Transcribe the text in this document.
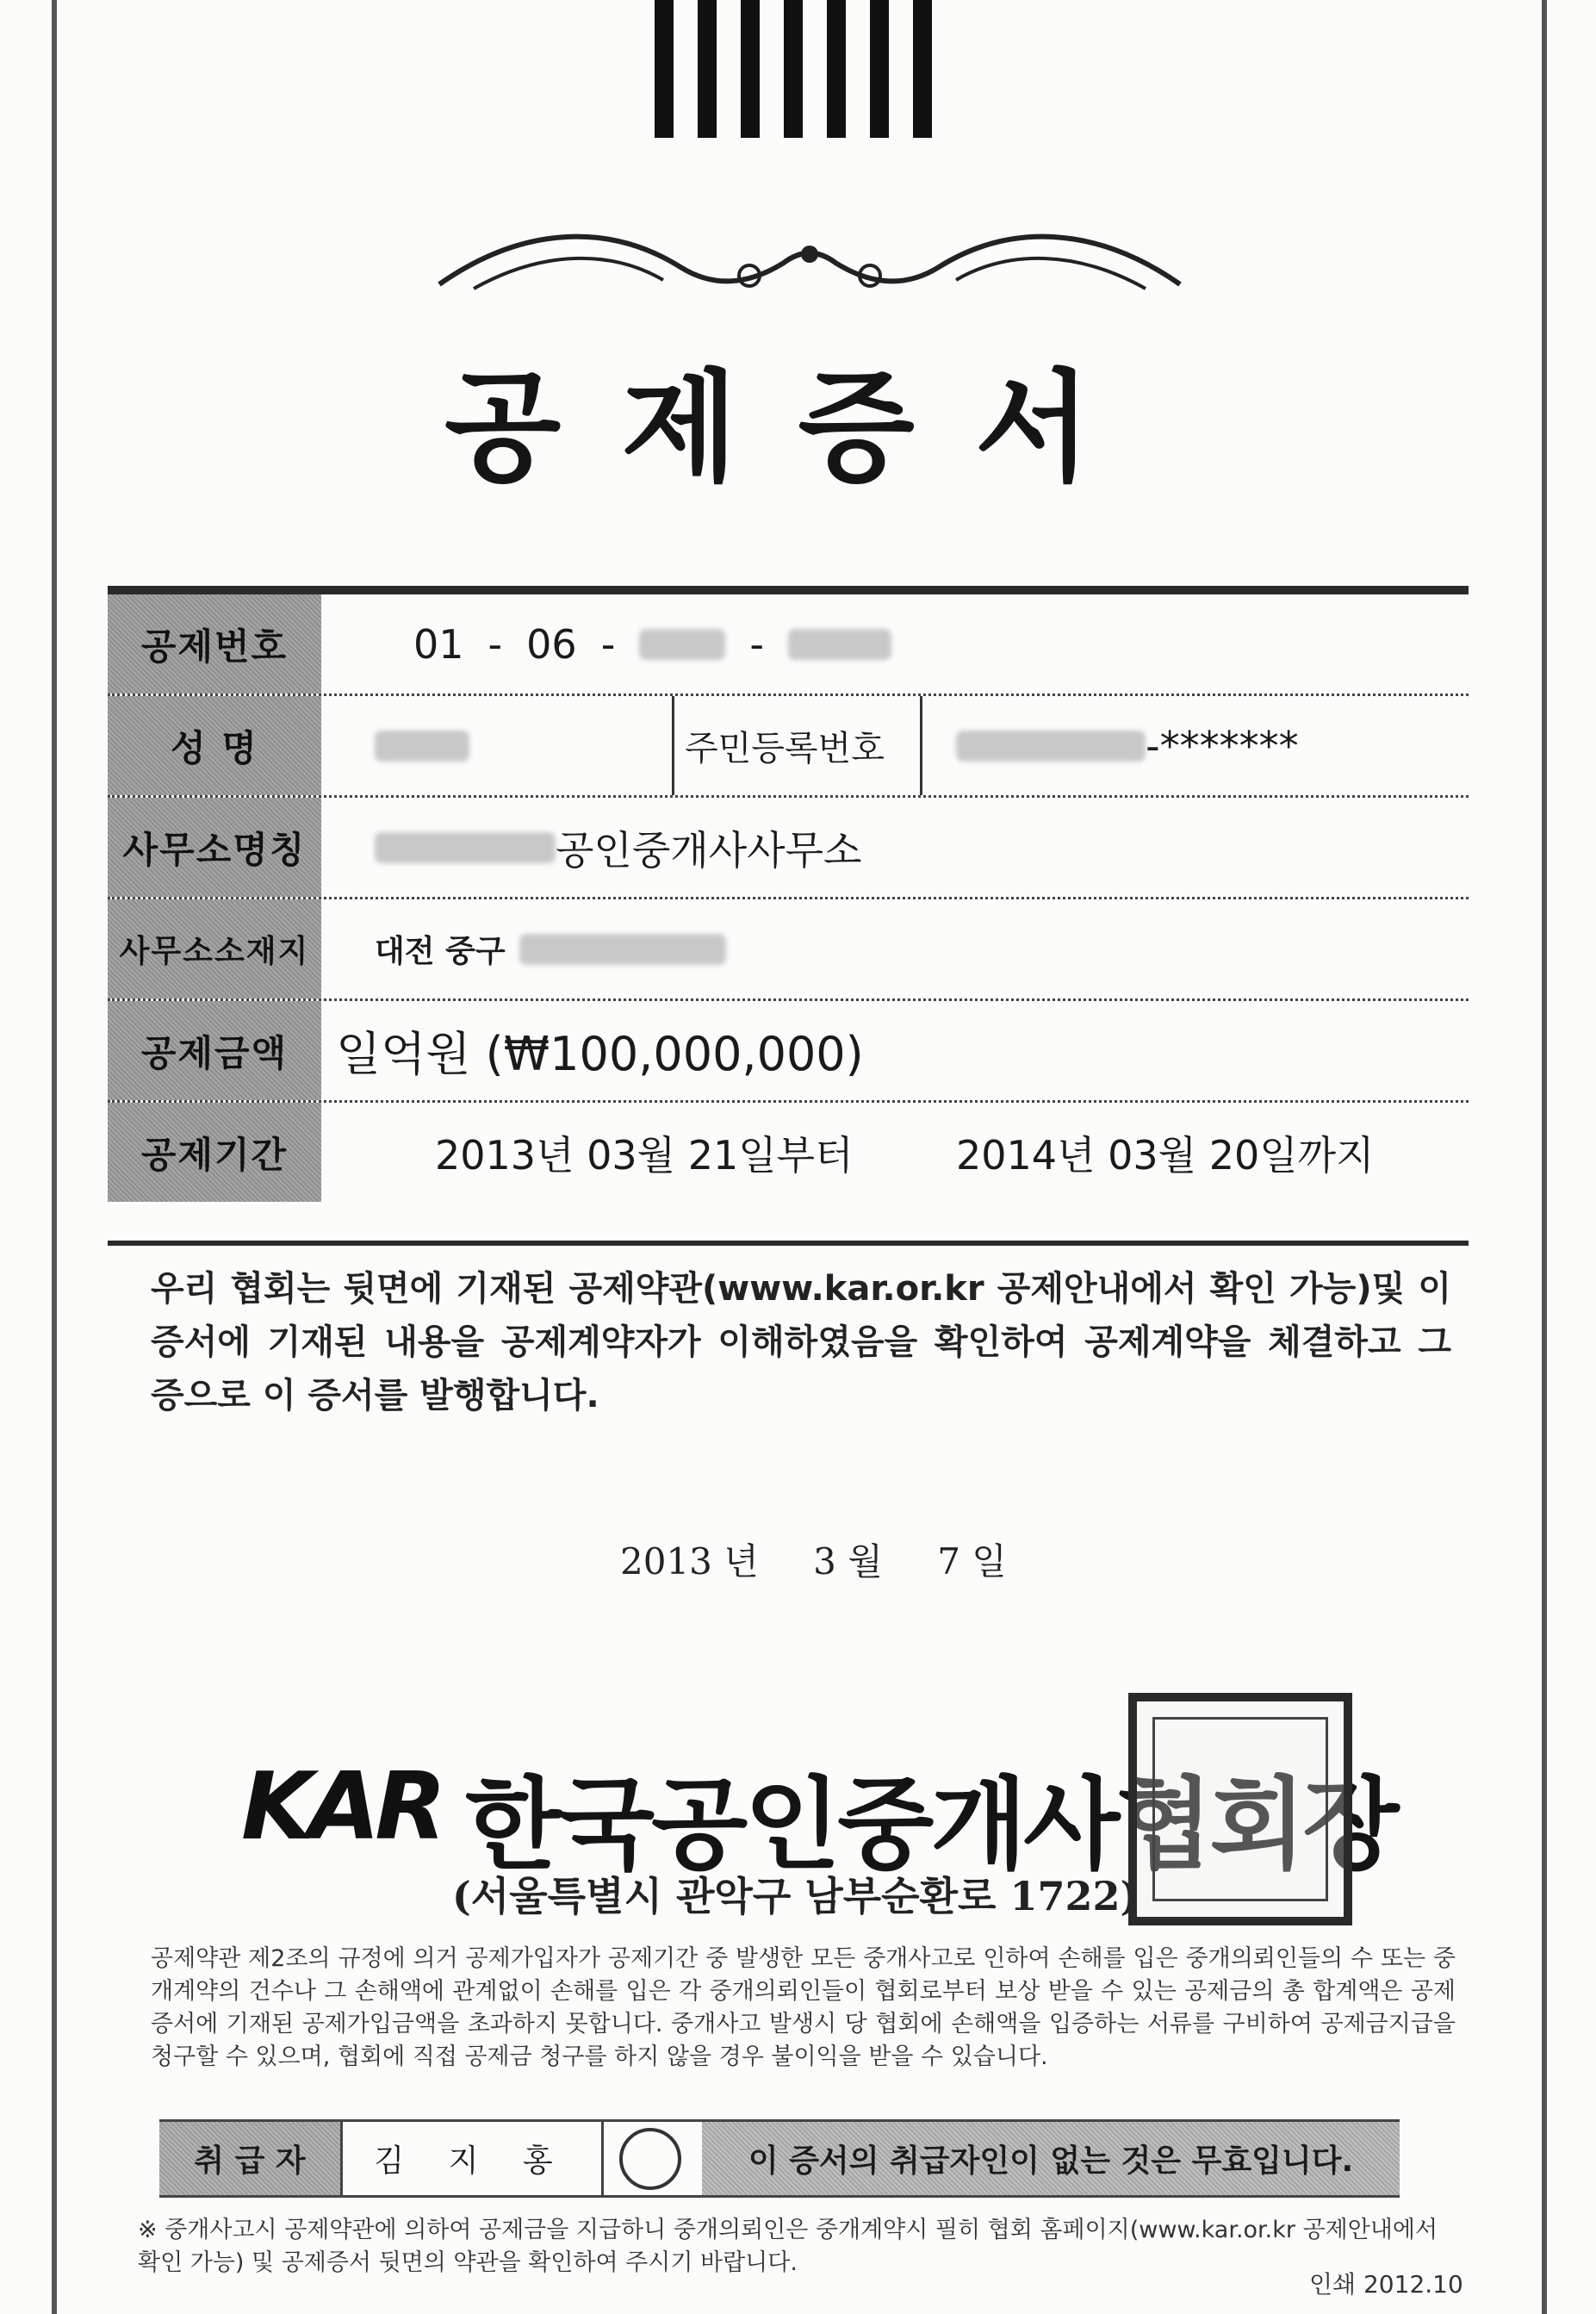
공제증서
공제번호	01 - 06 -	-
성 명	주민등록번호	-*******
사무소명칭	공인중개사사무소
사무소소재지	대전 중구
공제금액	일억원 (₩100,000,000)
공제기간	2013년 03월 21일부터	2014년 03월 20일까지
우리 협회는 뒷면에 기재된 공제약관(www.kar.or.kr 공제안내에서 확인 가능)및 이 증서에 기재된 내용을 공제계약자가 이해하였음을 확인하여 공제계약을 체결하고 그 증으로 이 증서를 발행합니다.
2013 년 3 월 7 일
KAR 한국공인중개사협회장
(서울특별시 관악구 남부순환로 1722)
공제약관 제2조의 규정에 의거 공제가입자가 공제기간 중 발생한 모든 중개사고로 인하여 손해를 입은 중개의뢰인들의 수 또는 중개계약의 건수나 그 손해액에 관계없이 손해를 입은 각 중개의뢰인들이 협회로부터 보상 받을 수 있는 공제금의 총 합계액은 공제증서에 기재된 공제가입금액을 초과하지 못합니다. 중개사고 발생시 당 협회에 손해액을 입증하는 서류를 구비하여 공제금지급을 청구할 수 있으며, 협회에 직접 공제금 청구를 하지 않을 경우 불이익을 받을 수 있습니다.
취 급 자	김 지 홍	이 증서의 취급자인이 없는 것은 무효입니다.
※ 중개사고시 공제약관에 의하여 공제금을 지급하니 중개의뢰인은 중개계약시 필히 협회 홈페이지(www.kar.or.kr 공제안내에서 확인 가능) 및 공제증서 뒷면의 약관을 확인하여 주시기 바랍니다.
인쇄 2012.10
